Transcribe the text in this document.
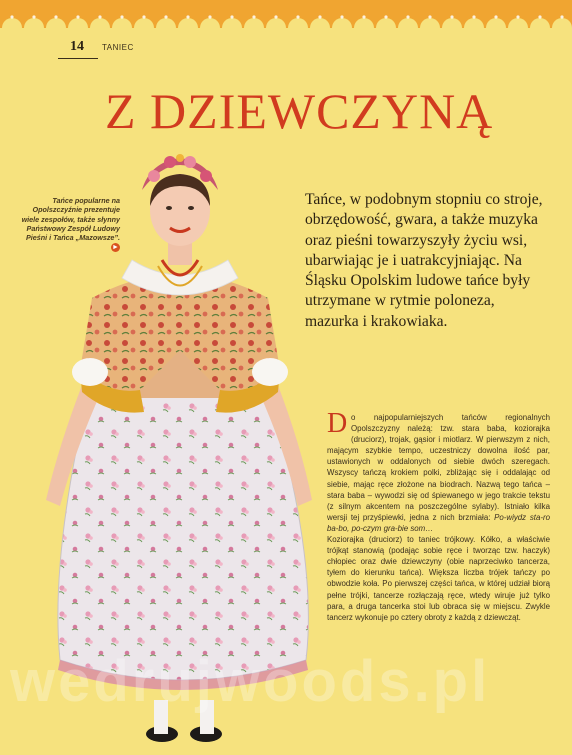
14	TANIEC
Z DZIEWCZYNĄ
Tańce popularne na Opolszczyźnie prezentuje wiele zespołów, także słynny Państwowy Zespół Ludowy Pieśni i Tańca „Mazowsze”.►
Tańce, w podobnym stopniu co stroje, obrzędowość, gwara, a także muzyka oraz pieśni towarzyszyły życiu wsi, ubarwiając je i uatrakcyjniając. Na Śląsku Opolskim ludowe tańce były utrzymane w rytmie poloneza, mazurka i krakowiaka.

Do najpopularniejszych tańców regionalnych Opolszczyzny należą: tzw. stara baba, koziorajka (druciorz), trojak, gąsior i miotlarz. W pierwszym z nich, mającym szybkie tempo, uczestniczy dowolna ilość par, ustawionych w oddalonych od siebie dwóch szeregach. Wszyscy tańczą krokiem polki, zbliżając się i oddalając od siebie, mając ręce złożone na biodrach. Nazwą tego tańca – stara baba – wywodzi się od śpiewanego w jego trakcie tekstu (z silnym akcentem na poszczególne sylaby). Istniało kilka wersji tej przyśpiewki, jedna z nich brzmiała: Po-wiydz sta-ro ba-bo, po-czym gra-bie som…

Koziorajka (druciorz) to taniec trójkowy. Kółko, a właściwie trójkąt stanowią (podając sobie ręce i tworząc tzw. haczyk) chłopiec oraz dwie dziewczyny (obie naprzeciwko tancerza, tyłem do kierunku tańca). Większa liczba trójek tańczy po obwodzie koła. Po pierwszej części tańca, w której udział biorą pełne trójki, tancerze rozłączają ręce, wtedy wiruje już tylko para, a druga tancerka stoi lub obraca się w miejscu. Zwykle tancerz wykonuje po cztery obroty z każdą z dziewcząt.

wedrujwoods.pl
